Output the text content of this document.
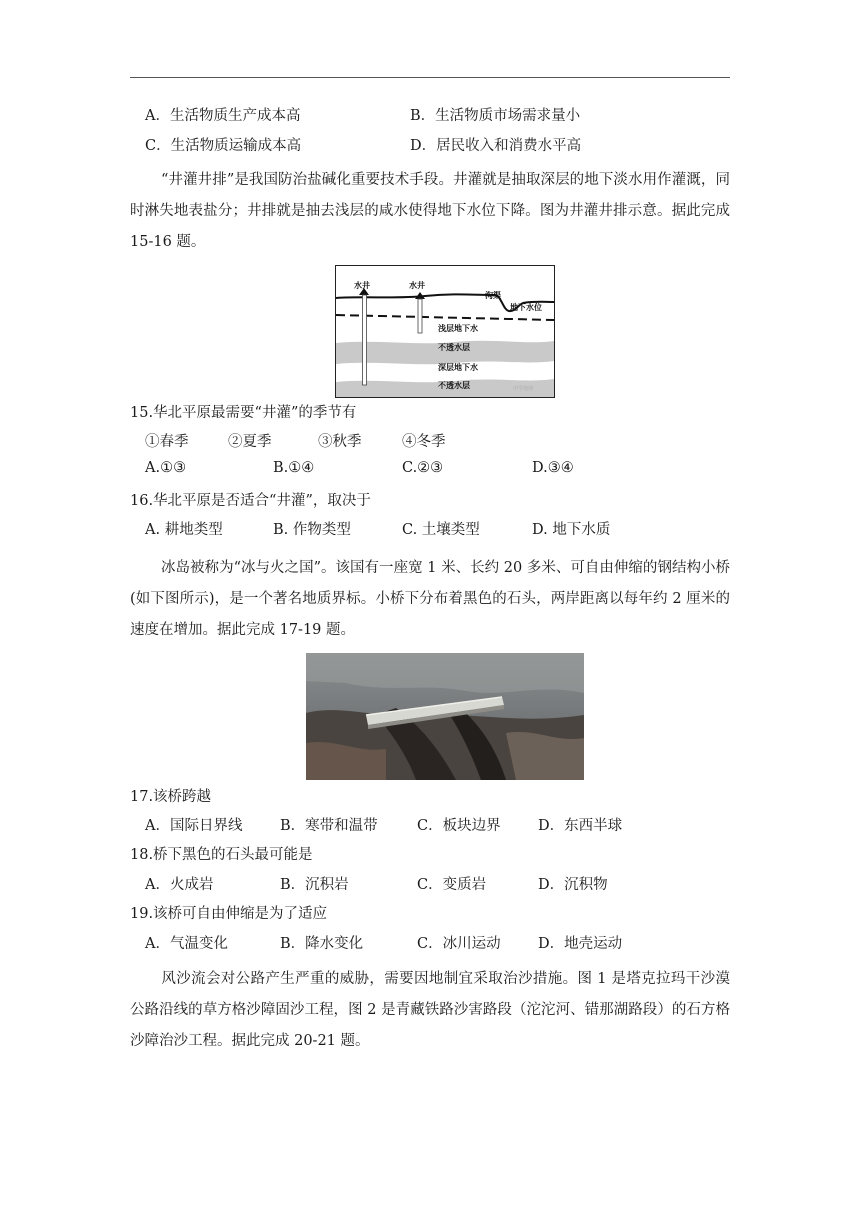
A．生活物质生产成本高	B．生活物质市场需求量小
C．生活物质运输成本高	D．居民收入和消费水平高
“井灌井排”是我国防治盐碱化重要技术手段。井灌就是抽取深层的地下淡水用作灌溉，同时淋失地表盐分；井排就是抽去浅层的咸水使得地下水位下降。图为井灌井排示意。据此完成 15-16 题。
水井	水井
沟渠
地下水位
浅层地下水
不透水层
深层地下水
不透水层	中学地理
15.华北平原最需要“井灌”的季节有
①春季	②夏季	③秋季	④冬季
A.①③	B.①④	C.②③	D.③④
16.华北平原是否适合“井灌”，取决于
A. 耕地类型	B. 作物类型	C. 土壤类型	D. 地下水质
冰岛被称为“冰与火之国”。该国有一座宽 1 米、长约 20 多米、可自由伸缩的钢结构小桥(如下图所示)，是一个著名地质界标。小桥下分布着黑色的石头，两岸距离以每年约 2 厘米的速度在增加。据此完成 17-19 题。
17.该桥跨越
A．国际日界线	B．寒带和温带	C．板块边界	D．东西半球
18.桥下黑色的石头最可能是
A．火成岩	B．沉积岩	C．变质岩	D．沉积物
19.该桥可自由伸缩是为了适应
A．气温变化	B．降水变化	C．冰川运动	D．地壳运动
风沙流会对公路产生严重的威胁，需要因地制宜采取治沙措施。图 1 是塔克拉玛干沙漠公路沿线的草方格沙障固沙工程，图 2 是青藏铁路沙害路段（沱沱河、错那湖路段）的石方格沙障治沙工程。据此完成 20-21 题。
